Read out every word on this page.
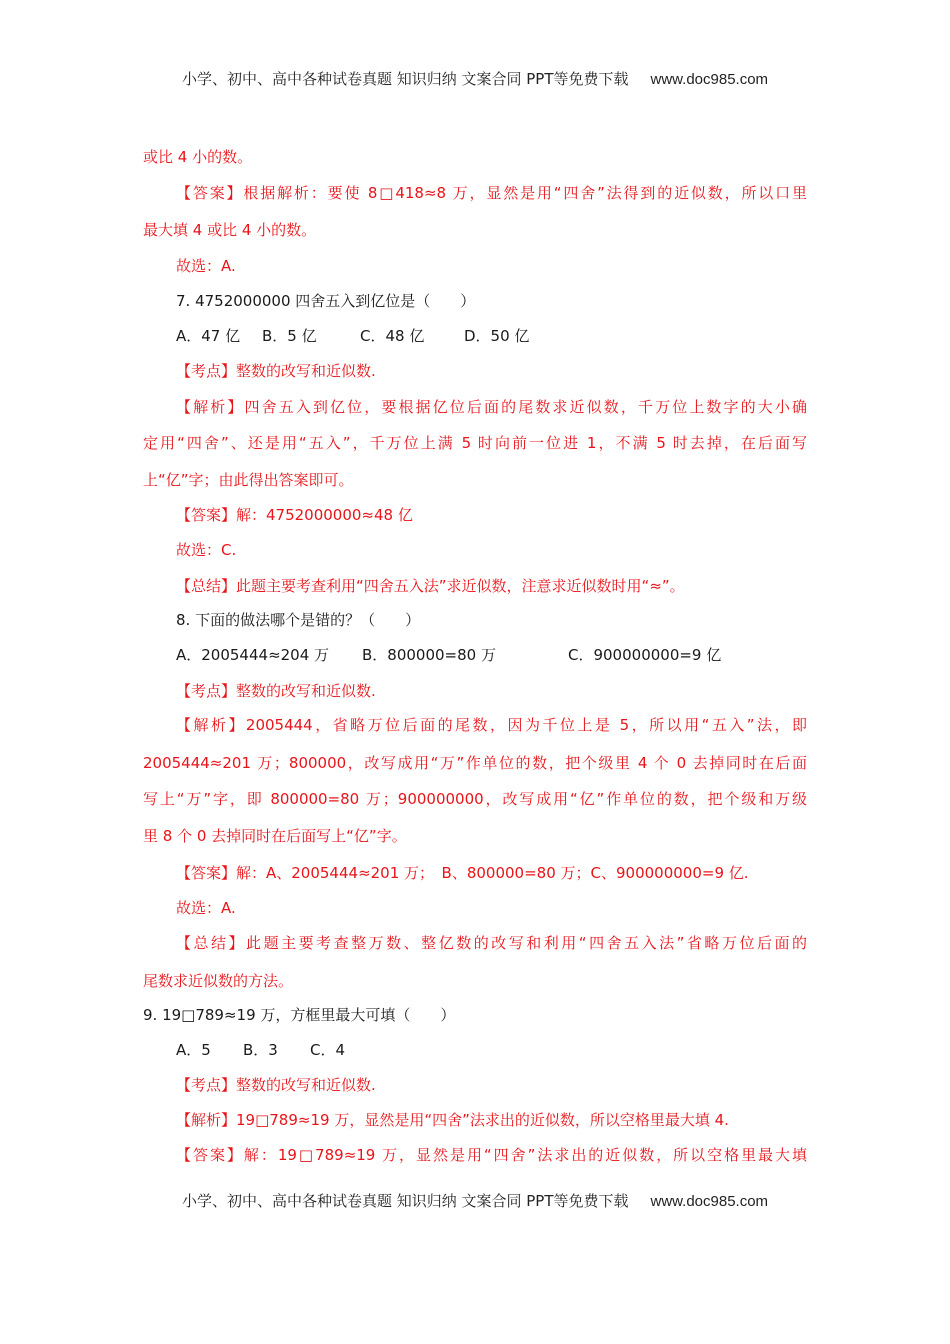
小学、初中、高中各种试卷真题 知识归纳 文案合同 PPT等免费下载 www.doc985.com
或比 4 小的数。
【答案】根据解析：要使 8□418≈8 万，显然是用“四舍”法得到的近似数，所以口里
最大填 4 或比 4 小的数。
故选：A.
7. 4752000000 四舍五入到亿位是（　　）
A．47 亿 B．5 亿	C．48 亿	D．50 亿
【考点】整数的改写和近似数.
【解析】四舍五入到亿位，要根据亿位后面的尾数求近似数，千万位上数字的大小确
定用“四舍”、还是用“五入”，千万位上满 5 时向前一位进 1，不满 5 时去掉，在后面写
上“亿”字；由此得出答案即可。
【答案】解：4752000000≈48 亿
故选：C.
【总结】此题主要考查利用“四舍五入法”求近似数，注意求近似数时用“≈”。
8. 下面的做法哪个是错的？（　　）
A．2005444≈204 万 B．800000=80 万	C．900000000=9 亿
【考点】整数的改写和近似数.
【解析】2005444，省略万位后面的尾数，因为千位上是 5，所以用“五入”法，即
2005444≈201 万；800000，改写成用“万”作单位的数，把个级里 4 个 0 去掉同时在后面
写上“万”字，即 800000=80 万；900000000，改写成用“亿”作单位的数，把个级和万级
里 8 个 0 去掉同时在后面写上“亿”字。
【答案】解：A、2005444≈201 万；　B、800000=80 万；C、900000000=9 亿.
故选：A.
【总结】此题主要考查整万数、整亿数的改写和利用“四舍五入法”省略万位后面的
尾数求近似数的方法。
9. 19□789≈19 万，方框里最大可填（　　）
A．5 B．3 C．4
【考点】整数的改写和近似数.
【解析】19□789≈19 万，显然是用“四舍”法求出的近似数，所以空格里最大填 4.
【答案】解：19□789≈19 万，显然是用“四舍”法求出的近似数，所以空格里最大填
小学、初中、高中各种试卷真题 知识归纳 文案合同 PPT等免费下载 www.doc985.com
